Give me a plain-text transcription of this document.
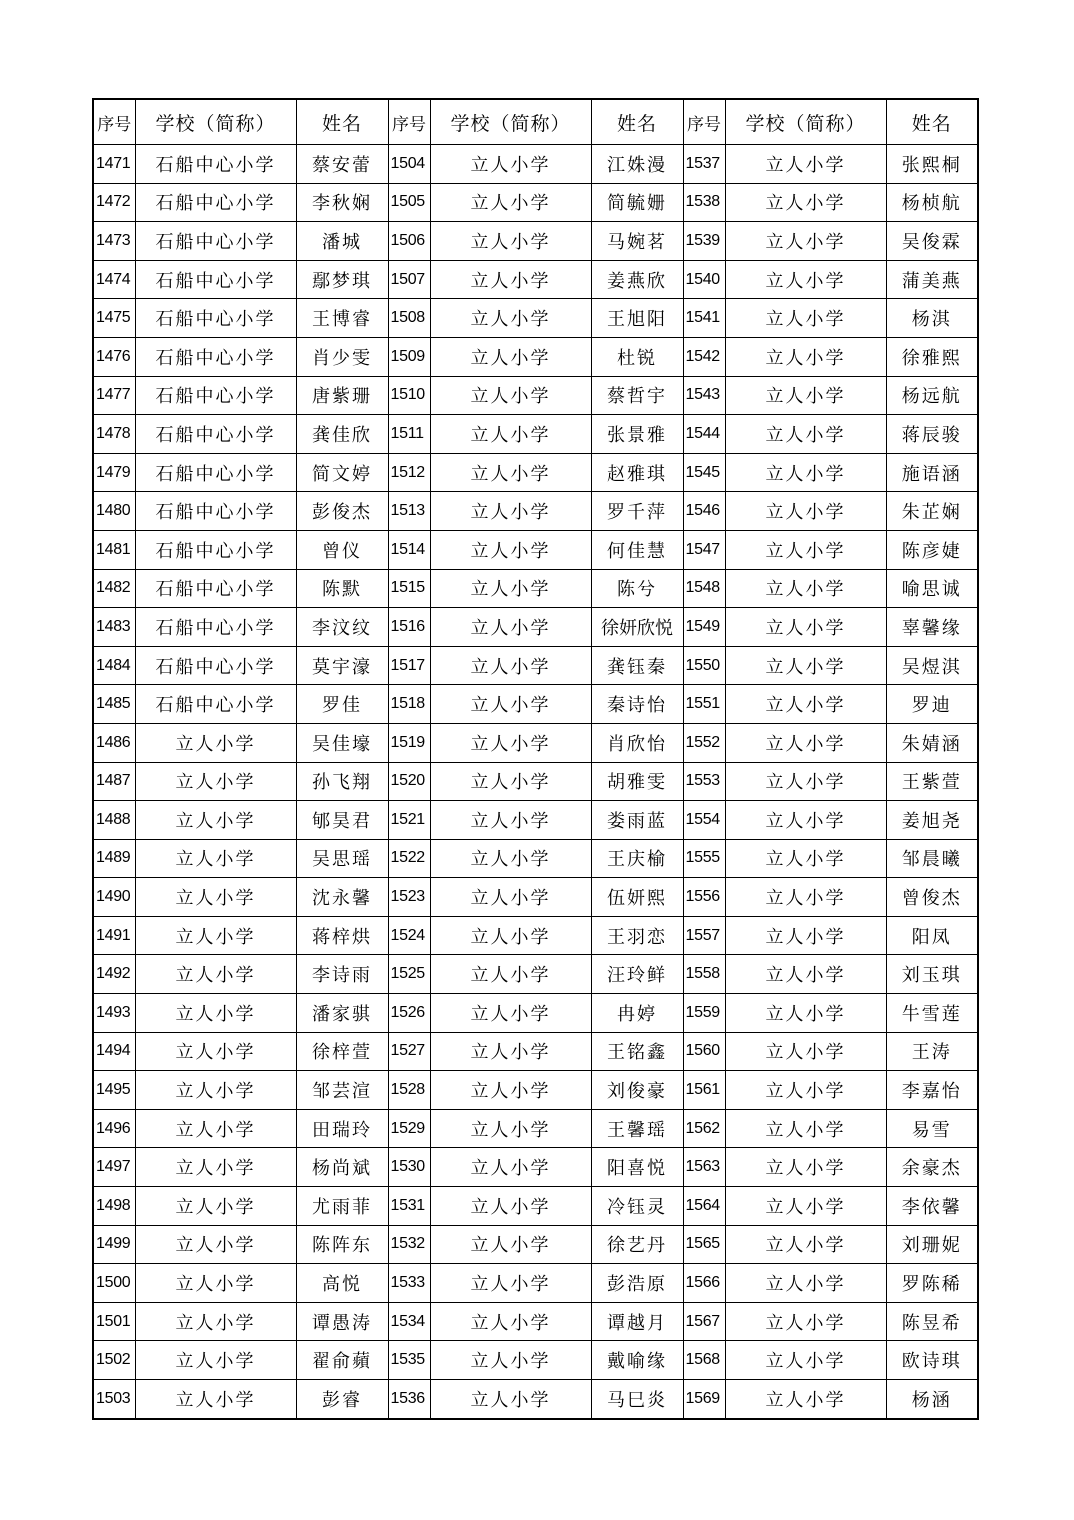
序号	学校（简称）	姓名	序号	学校（简称）	姓名	序号	学校（简称）	姓名
1471	石船中心小学	蔡安蕾	1504	立人小学	江姝漫	1537	立人小学	张熙桐
1472	石船中心小学	李秋娴	1505	立人小学	简毓姗	1538	立人小学	杨桢航
1473	石船中心小学	潘城	1506	立人小学	马婉茗	1539	立人小学	吴俊霖
1474	石船中心小学	鄢梦琪	1507	立人小学	姜燕欣	1540	立人小学	蒲美燕
1475	石船中心小学	王博睿	1508	立人小学	王旭阳	1541	立人小学	杨淇
1476	石船中心小学	肖少雯	1509	立人小学	杜锐	1542	立人小学	徐雅熙
1477	石船中心小学	唐紫珊	1510	立人小学	蔡哲宇	1543	立人小学	杨远航
1478	石船中心小学	龚佳欣	1511	立人小学	张景雅	1544	立人小学	蒋辰骏
1479	石船中心小学	简文婷	1512	立人小学	赵雅琪	1545	立人小学	施语涵
1480	石船中心小学	彭俊杰	1513	立人小学	罗千萍	1546	立人小学	朱芷娴
1481	石船中心小学	曾仪	1514	立人小学	何佳慧	1547	立人小学	陈彦婕
1482	石船中心小学	陈默	1515	立人小学	陈兮	1548	立人小学	喻思诚
1483	石船中心小学	李汶纹	1516	立人小学	徐妍欣悦	1549	立人小学	辜馨缘
1484	石船中心小学	莫宇濠	1517	立人小学	龚钰秦	1550	立人小学	吴煜淇
1485	石船中心小学	罗佳	1518	立人小学	秦诗怡	1551	立人小学	罗迪
1486	立人小学	吴佳壕	1519	立人小学	肖欣怡	1552	立人小学	朱婧涵
1487	立人小学	孙飞翔	1520	立人小学	胡雅雯	1553	立人小学	王紫萱
1488	立人小学	郇昊君	1521	立人小学	娄雨蓝	1554	立人小学	姜旭尧
1489	立人小学	吴思瑶	1522	立人小学	王庆榆	1555	立人小学	邹晨曦
1490	立人小学	沈永馨	1523	立人小学	伍妍熙	1556	立人小学	曾俊杰
1491	立人小学	蒋梓烘	1524	立人小学	王羽恋	1557	立人小学	阳凤
1492	立人小学	李诗雨	1525	立人小学	汪玲鲜	1558	立人小学	刘玉琪
1493	立人小学	潘家骐	1526	立人小学	冉婷	1559	立人小学	牛雪莲
1494	立人小学	徐梓萱	1527	立人小学	王铭鑫	1560	立人小学	王涛
1495	立人小学	邹芸渲	1528	立人小学	刘俊豪	1561	立人小学	李嘉怡
1496	立人小学	田瑞玲	1529	立人小学	王馨瑶	1562	立人小学	易雪
1497	立人小学	杨尚斌	1530	立人小学	阳喜悦	1563	立人小学	余豪杰
1498	立人小学	尤雨菲	1531	立人小学	冷钰灵	1564	立人小学	李依馨
1499	立人小学	陈阵东	1532	立人小学	徐艺丹	1565	立人小学	刘珊妮
1500	立人小学	高悦	1533	立人小学	彭浩原	1566	立人小学	罗陈稀
1501	立人小学	谭愚涛	1534	立人小学	谭越月	1567	立人小学	陈昱希
1502	立人小学	翟俞蘋	1535	立人小学	戴喻缘	1568	立人小学	欧诗琪
1503	立人小学	彭睿	1536	立人小学	马巳炎	1569	立人小学	杨涵
